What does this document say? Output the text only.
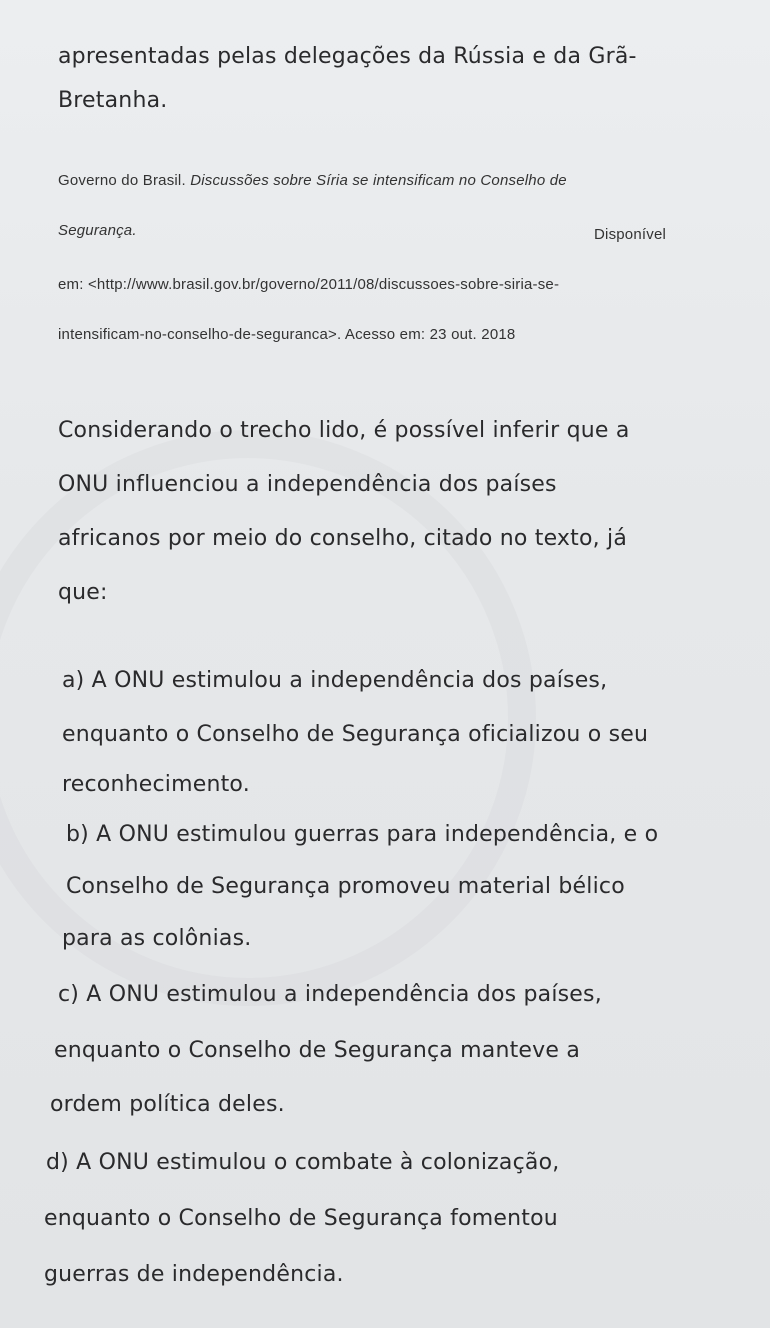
apresentadas pelas delegações da Rússia e da Grã-
Bretanha.
Governo do Brasil. Discussões sobre Síria se intensificam no Conselho de
Segurança.	Disponível
em: <http://www.brasil.gov.br/governo/2011/08/discussoes-sobre-siria-se-
intensificam-no-conselho-de-seguranca>. Acesso em: 23 out. 2018
Considerando o trecho lido, é possível inferir que a
ONU influenciou a independência dos países
africanos por meio do conselho, citado no texto, já
que:
a) A ONU estimulou a independência dos países,
enquanto o Conselho de Segurança oficializou o seu
reconhecimento.
b) A ONU estimulou guerras para independência, e o
Conselho de Segurança promoveu material bélico
para as colônias.
c) A ONU estimulou a independência dos países,
enquanto o Conselho de Segurança manteve a
ordem política deles.
d) A ONU estimulou o combate à colonização,
enquanto o Conselho de Segurança fomentou
guerras de independência.
